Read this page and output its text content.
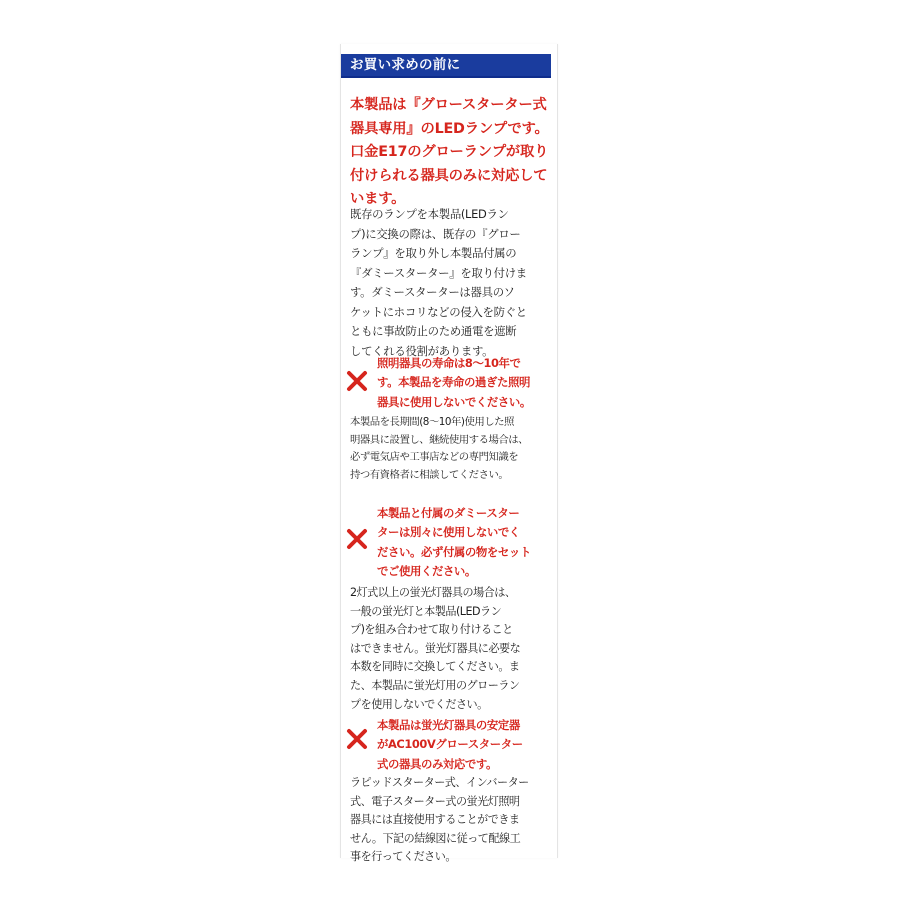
お買い求めの前に
本製品は『グロースターター式
器具専用』のLEDランプです。
口金E17のグローランプが取り
付けられる器具のみに対応して
います。
既存のランプを本製品(LEDラン
プ)に交換の際は、既存の『グロー
ランプ』を取り外し本製品付属の
『ダミースターター』を取り付けま
す。ダミースターターは器具のソ
ケットにホコリなどの侵入を防ぐと
ともに事故防止のため通電を遮断
してくれる役割があります。
照明器具の寿命は8〜10年で
す。本製品を寿命の過ぎた照明
器具に使用しないでください。
本製品を長期間(8〜10年)使用した照
明器具に設置し、継続使用する場合は、
必ず電気店や工事店などの専門知識を
持つ有資格者に相談してください。
本製品と付属のダミースター
ターは別々に使用しないでく
ださい。必ず付属の物をセット
でご使用ください。
2灯式以上の蛍光灯器具の場合は、
一般の蛍光灯と本製品(LEDラン
プ)を組み合わせて取り付けること
はできません。蛍光灯器具に必要な
本数を同時に交換してください。ま
た、本製品に蛍光灯用のグローラン
プを使用しないでください。
本製品は蛍光灯器具の安定器
がAC100Vグロースターター
式の器具のみ対応です。
ラピッドスターター式、インバーター
式、電子スターター式の蛍光灯照明
器具には直接使用することができま
せん。下記の結線図に従って配線工
事を行ってください。
